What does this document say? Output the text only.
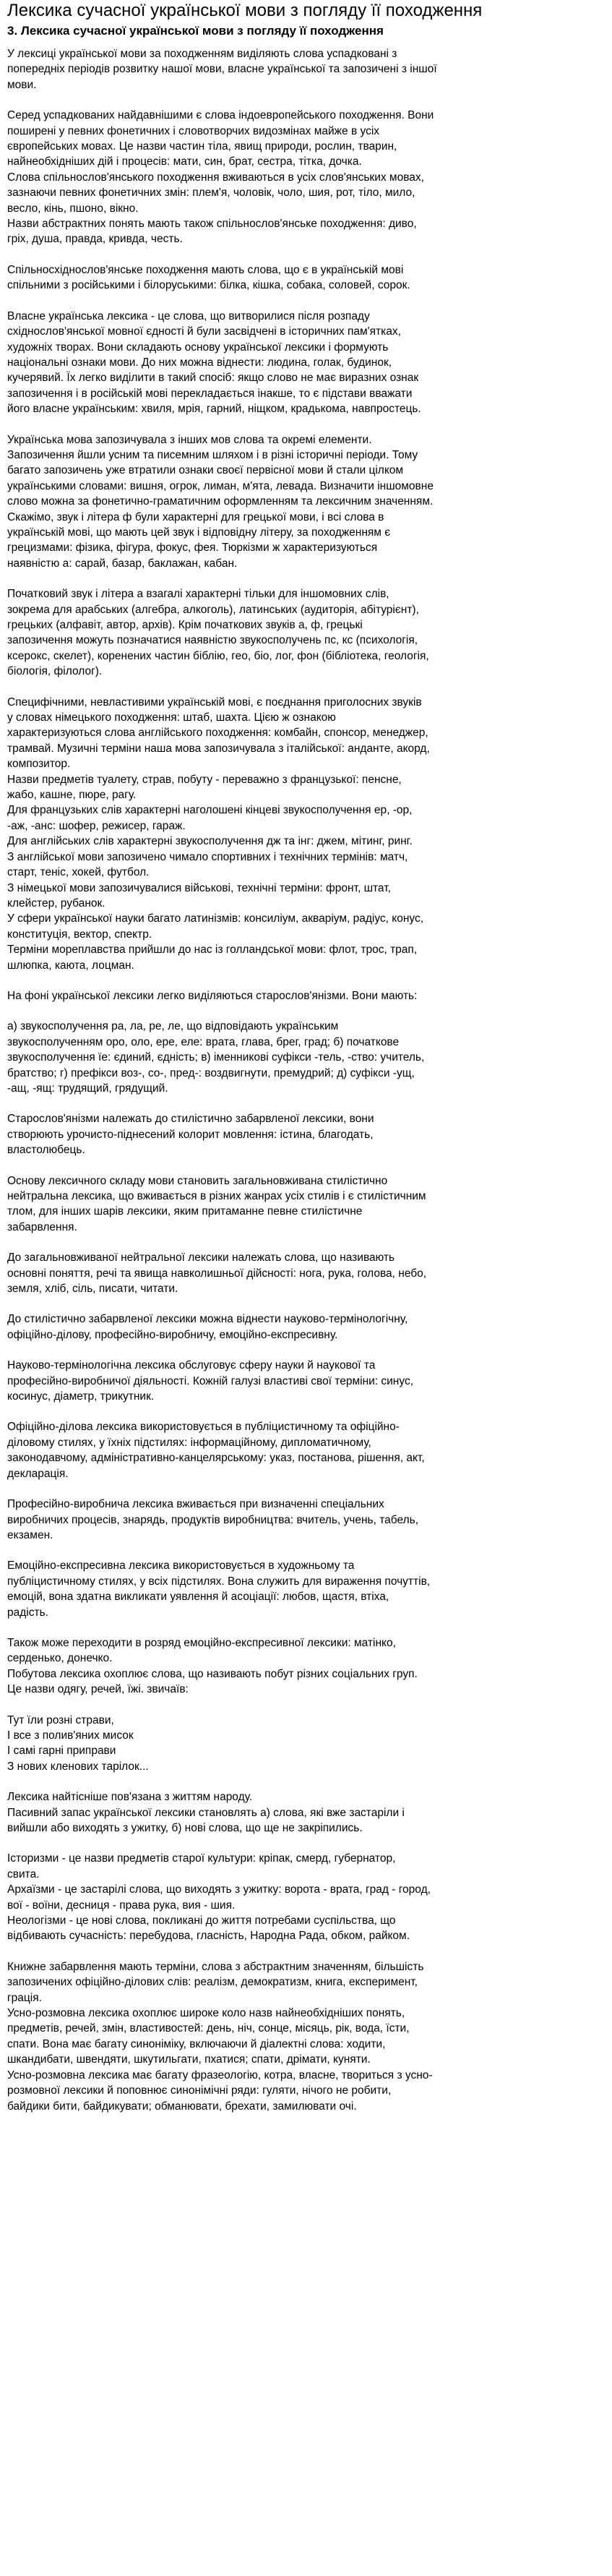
Лексика сучасної української мови з погляду її походження
3. Лексика сучасної української мови з погляду її походження
У лексиці української мови за походженням виділяють слова успадковані з
попередніх періодів розвитку нашої мови, власне української та запозичені з іншої
мови.
Серед успадкованих найдавнішими є слова індоевропейського походження. Вони
поширені у певних фонетичних і словотворчих видозмінах майже в усіх
європейських мовах. Це назви частин тіла, явищ природи, рослин, тварин,
найнеобхідніших дій і процесів: мати, син, брат, сестра, тітка, дочка.
Слова спільнослов'янського походження вживаються в усіх слов'янських мовах,
зазнаючи певних фонетичних змін: плем'я, чоловік, чоло, шия, рот, тіло, мило,
весло, кінь, пшоно, вікно.
Назви абстрактних понять мають також спільнослов'янське походження: диво,
гріх, душа, правда, кривда, честь.
Спільносхіднослов'янське походження мають слова, що є в українській мові
спільними з російськими і білоруськими: білка, кішка, собака, соловей, сорок.
Власне українська лексика - це слова, що витворилися після розпаду
східнослов'янської мовної єдності й були засвідчені в історичних пам'ятках,
художніх творах. Вони складають основу української лексики і формують
національні ознаки мови. До них можна віднести: людина, голак, будинок,
кучерявий. Їх легко виділити в такий спосіб: якщо слово не має виразних ознак
запозичення і в російській мові перекладається інакше, то є підстави вважати
його власне українським: хвиля, мрія, гарний, ніщком, крадькома, навпростець.
Українська мова запозичувала з інших мов слова та окремі елементи.
Запозичення йшли усним та писемним шляхом і в різні історичні періоди. Тому
багато запозичень уже втратили ознаки своєї первісної мови й стали цілком
українськими словами: вишня, огрок, лиман, м'ята, левада. Визначити іншомовне
слово можна за фонетично-граматичним оформленням та лексичним значенням.
Скажімо, звук і літера ф були характерні для грецької мови, і всі слова в
українській мові, що мають цей звук і відповідну літеру, за походженням є
грецизмами: фізика, фігура, фокус, фея. Тюркізми ж характеризуються
наявністю а: сарай, базар, баклажан, кабан.
Початковий звук і літера а взагалі характерні тільки для іншомовних слів,
зокрема для арабських (алгебра, алкоголь), латинських (аудиторія, абітурієнт),
грецьких (алфавіт, автор, архів). Крім початкових звуків а, ф, грецькі
запозичення можуть позначатися наявністю звукосполучень пс, кс (психологія,
ксерокс, скелет), коренених частин біблію, гео, біо, лог, фон (бібліотека, геологія,
біологія, філолог).
Специфічними, невластивими українській мові, є поєднання приголосних звуків
у словах німецького походження: штаб, шахта. Цією ж ознакою
характеризуються слова англійського походження: комбайн, спонсор, менеджер,
трамвай. Музичні терміни наша мова запозичувала з італійської: андантe, акорд,
композитор.
Назви предметів туалету, страв, побуту - переважно з французької: пенсне,
жабо, кашне, пюре, рагу.
Для французьких слів характерні наголошені кінцеві звукосполучення ер, -ор,
-аж, -анс: шофер, режисер, гараж.
Для англійських слів характерні звукосполучення дж та інг: джем, мітинг, ринг.
З англійської мови запозичено чимало спортивних і технічних термінів: матч,
старт, теніс, хокей, футбол.
З німецької мови запозичувалися військові, технічні терміни: фронт, штат,
клейстер, рубанок.
У сфери української науки багато латинізмів: консиліум, акваріум, радіус, конус,
конституція, вектор, спектр.
Терміни мореплавства прийшли до нас із голландської мови: флот, трос, трап,
шлюпка, каюта, лоцман.
На фоні української лексики легко виділяються старослов'янізми. Вони мають:
а) звукосполучення ра, ла, ре, ле, що відповідають українським
звукосполученням оро, оло, ере, еле: врата, глава, брег, град; б) початкове
звукосполучення їе: єдиний, єдність; в) іменникові суфікси -тель, -ство: учитель,
братство; г) префікси воз-, со-, пред-: воздвигнути, премудрий; д) суфікси -ущ,
-ащ, -ящ: трудящий, грядущий.
Старослов'янізми належать до стилістично забарвленої лексики, вони
створюють урочисто-піднесений колорит мовлення: істина, благодать,
властолюбець.
Основу лексичного складу мови становить загальновживана стилістично
нейтральна лексика, що вживається в різних жанрах усіх стилів і є стилістичним
тлом, для інших шарів лексики, яким притаманне певне стилістичне
забарвлення.
До загальновживаної нейтральної лексики належать слова, що називають
основні поняття, речі та явища навколишньої дійсності: нога, рука, голова, небо,
земля, хліб, сіль, писати, читати.
До стилістично забарвленої лексики можна віднести науково-термінологічну,
офіційно-ділову, професійно-виробничу, емоційно-експресивну.
Науково-термінологічна лексика обслуговує сферу науки й наукової та
професійно-виробничої діяльності. Кожній галузі властиві свої терміни: синус,
косинус, діаметр, трикутник.
Офіційно-ділова лексика використовується в публіцистичному та офіційно-
діловому стилях, у їхніх підстилях: інформаційному, дипломатичному,
законодавчому, адміністративно-канцелярському: указ, постанова, рішення, акт,
декларація.
Професійно-виробнича лексика вживається при визначенні спеціальних
виробничих процесів, знарядь, продуктів виробництва: вчитель, учень, табель,
екзамен.
Емоційно-експресивна лексика використовується в художньому та
публіцистичному стилях, у всіх підстилях. Вона служить для вираження почуттів,
емоцій, вона здатна викликати уявлення й асоціації: любов, щастя, втіха,
радість.
Також може переходити в розряд емоційно-експресивної лексики: матінко,
серденько, донечко.
Побутова лексика охоплює слова, що називають побут різних соціальних груп.
Це назви одягу, речей, їжі. звичаїв:
Тут їли розні страви,
І все з полив'яних мисок
І самі гарні приправи
З нових кленових тарілок...
Лексика найтісніше пов'язана з життям народу.
Пасивний запас української лексики становлять а) слова, які вже застаріли і
вийшли або виходять з ужитку, б) нові слова, що ще не закріпились.
Історизми - це назви предметів старої культури: кріпак, смерд, губернатор,
свита.
Архаїзми - це застарілі слова, що виходять з ужитку: ворота - врата, град - город,
вої - воїни, десниця - права рука, вия - шия.
Неологізми - це нові слова, покликані до життя потребами суспільства, що
відбивають сучасність: перебудова, гласність, Народна Рада, обком, райком.
Книжне забарвлення мають терміни, слова з абстрактним значенням, більшість
запозичених офіційно-ділових слів: реалізм, демократизм, книга, експеримент,
грація.
Усно-розмовна лексика охоплює широке коло назв найнеобхідніших понять,
предметів, речей, змін, властивостей: день, ніч, сонце, місяць, рік, вода, їсти,
спати. Вона має багату синоніміку, включаючи й діалектні слова: ходити,
шкандибати, швендяти, шкутильгати, пхатися; спати, дрімати, куняти.
Усно-розмовна лексика має багату фразеологію, котра, власне, твориться з усно-
розмовної лексики й поповнює синонімічні ряди: гуляти, нічого не робити,
байдики бити, байдикувати; обманювати, брехати, замилювати очі.
